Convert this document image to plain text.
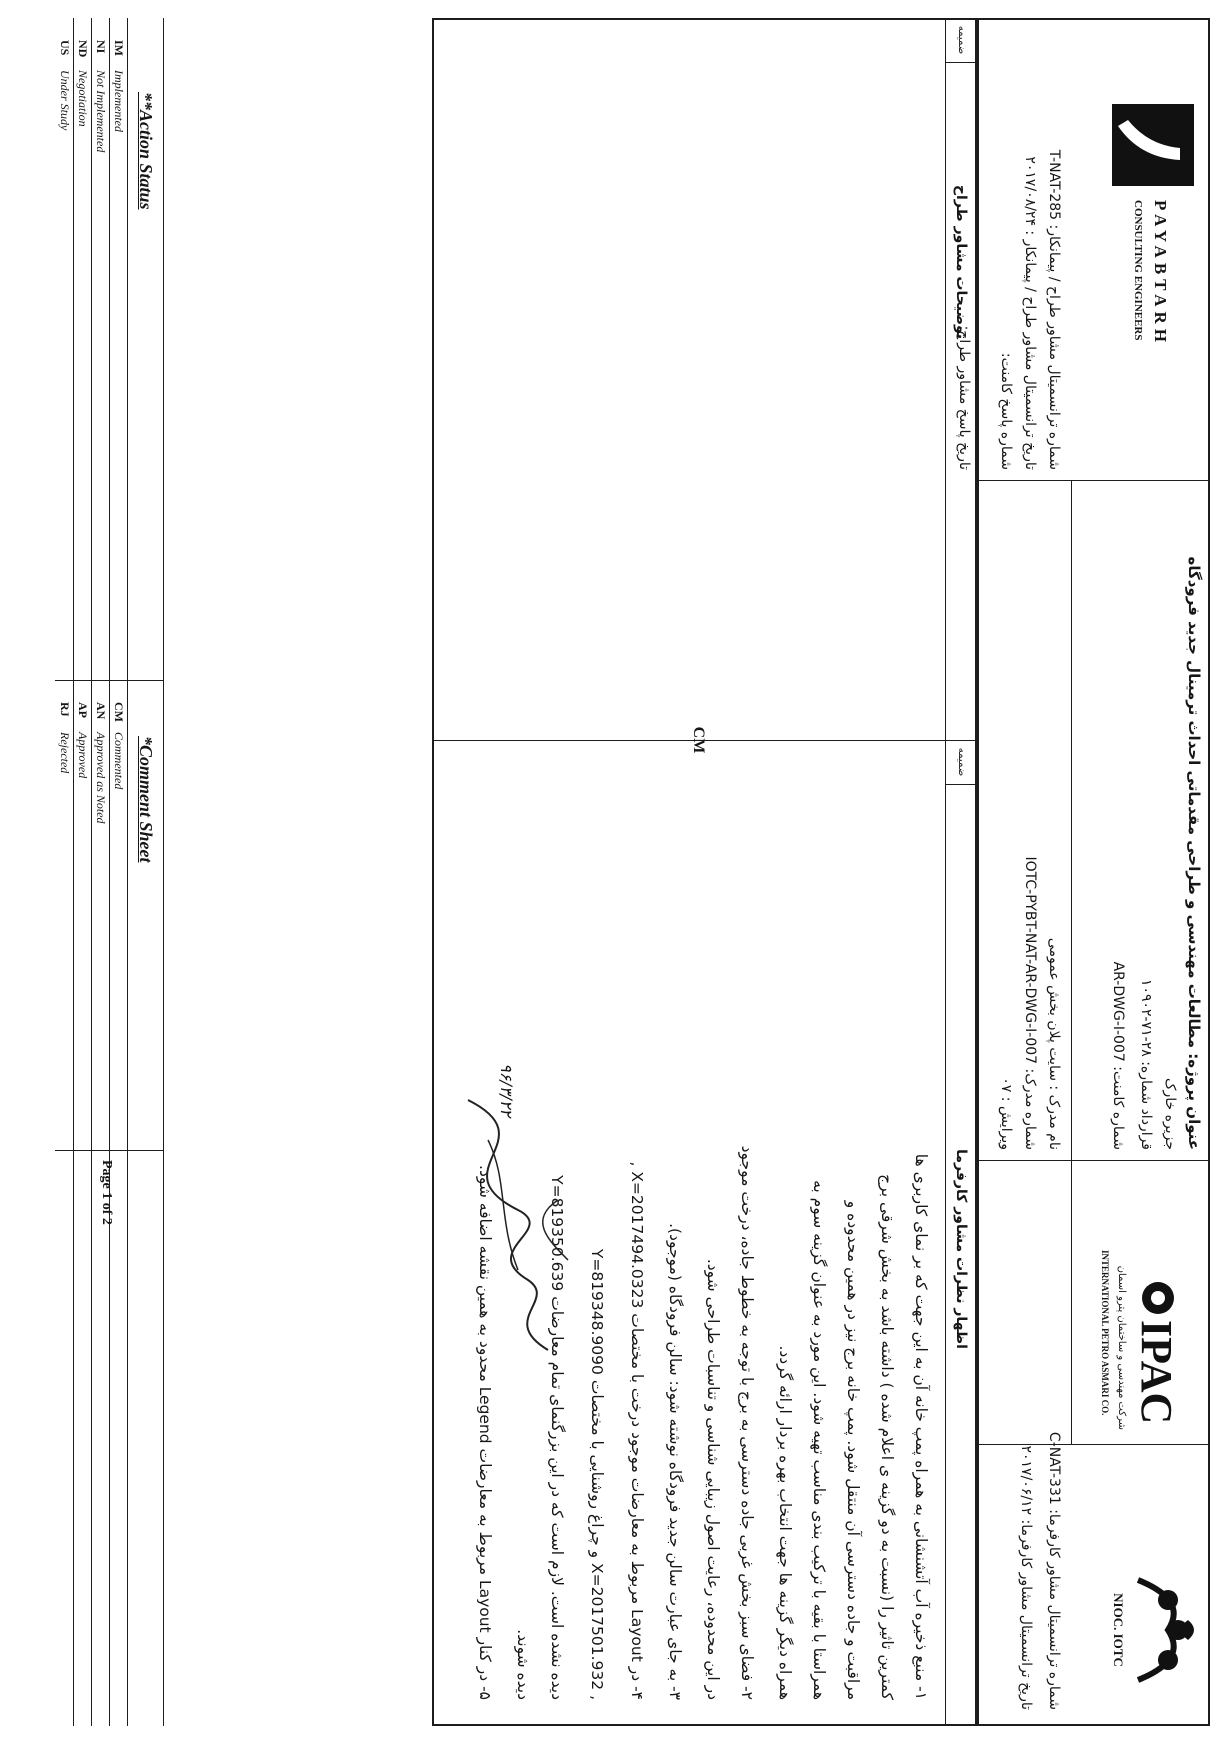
NIOC. IOTC
شماره ترانسمیتال مشاور کارفرما: C-NAT-331
تاریخ ترانسمیتال مشاور کارفرما: ۲۰۱۷/۰۶/۱۲
IPAC
شرکت مهندسی و ساختمان پترو اسمان
INTERNATIONAL PETRO ASMARI CO.
عنوان پروژه: مطالعات مهندسی و طراحی مقدماتی احداث ترمینال جدید فرودگاه
جزیره خارک
قرارداد شماره: ۲۸-۷۱-۱۰۹۰۲
شماره کامنت: AR-DWG-I-007
نام مدرک : سایت پلان بخش عمومی
شماره مدرک: IOTC-PYBT-NAT-AR-DWG-I-007
ویرایش : ۰۷
PAYABTARH
CONSULTING ENGINEERS
شماره ترانسمیتال مشاور طراح / پیمانکار: T-NAT-285
تاریخ ترانسمیتال مشاور طراح / پیمانکار : ۲۰۱۷/۰۸/۲۴
شماره پاسخ کامنت:
تاریخ پاسخ مشاور طراح:
توضیحات مشاور طراح
ضمیمه
اظهار نظرات مشاور کارفرما
ضمیمه
۱- منبع ذخیره آب آتشنشانی به همراه پمپ خانه آن به این جهت که بر نمای کاربری ها
کمترین تاثیر را (نسبت به دو گزینه ی اعلام شده ) داشته باشد به بخش شرقی برج
مراقبت و جاده دسترسی آن منتقل شود. پمپ خانه برج نیز در همین محدوده و
همراستا با بقیه با ترکیب بندی مناسب تهیه شود. این مورد به عنوان گزینه سوم به
همراه دیگر گزینه ها جهت انتخاب بهره بردار ارائه گردد.
۲- فضای سبز بخش غربی جاده دسترسی به برج با توجه به خطوط جاده، درخت موجود
در این محدوده، رعایت اصول زیبایی شناسی و تناسبات طراحی شود.
۳- به جای عبارت سالن جدید فرودگاه نوشته شود: سالن فرودگاه (موجود).
۴- در Layout مربوط به معارضات موجود درخت با مختصات X=2017494.0323 ,
Y=819348.9090 و چراغ روشنایی با مختصات X=2017501.932 ,
Y=819350.639 دیده نشده است. لازم است که در این بزرگنمای تمام معارضات
دیده شوند.
۵- در کنار Layout مربوط به معارضات Legend محدود به همین نقشه اضافه شود.
CM
۹۶/۳/۲۲
**Action Status
IMImplemented
NINot Implemented
NDNegotiation
USUnder Study
*Comment Sheet
CMCommented
ANApproved as Noted
APApproved
RJRejected
Page 1 of 2
